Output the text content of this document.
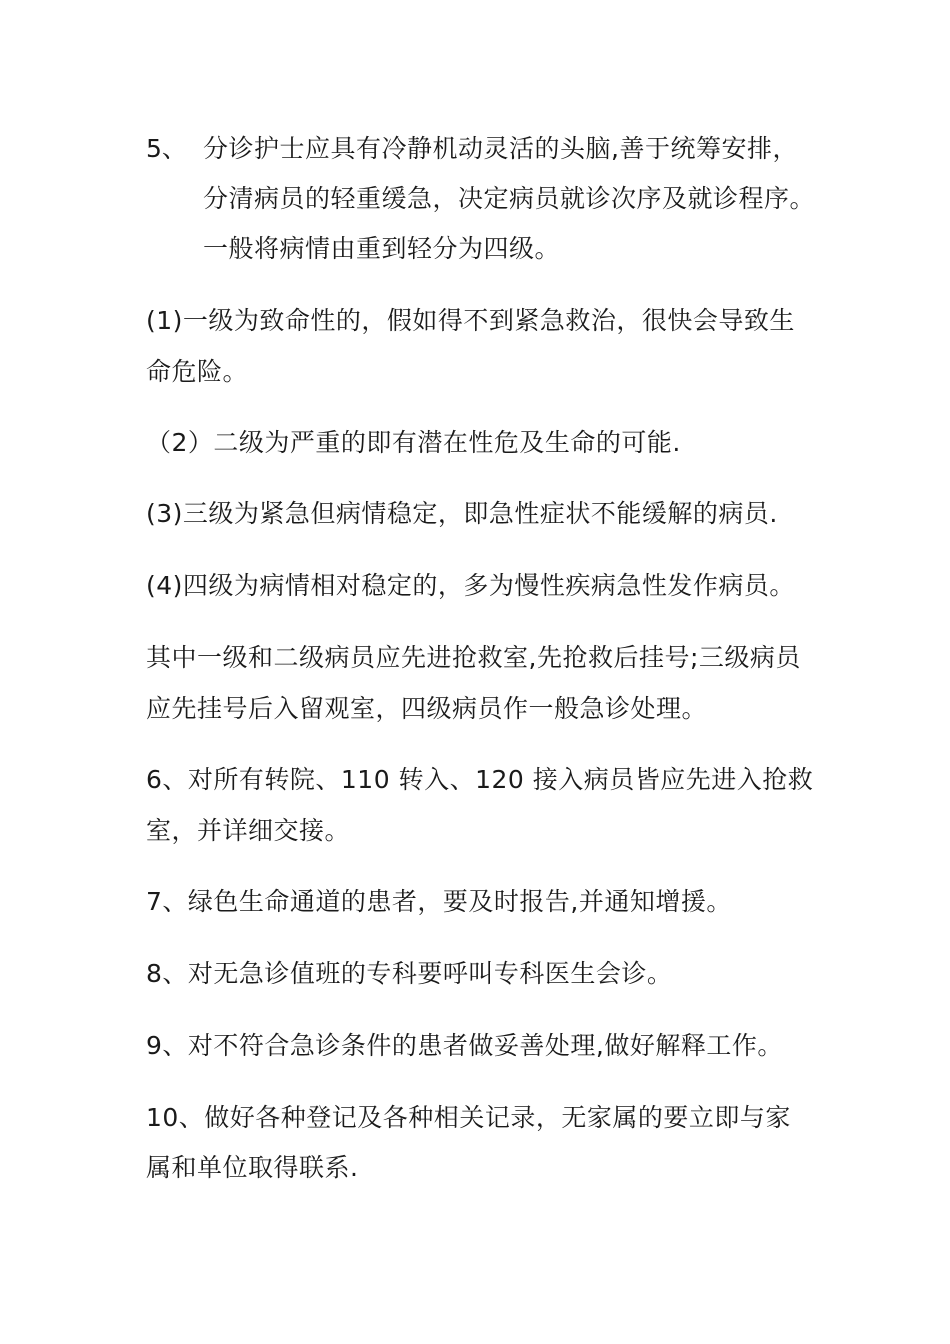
5、 分诊护士应具有冷静机动灵活的头脑,善于统筹安排，
分清病员的轻重缓急，决定病员就诊次序及就诊程序。
一般将病情由重到轻分为四级。
(1)一级为致命性的，假如得不到紧急救治，很快会导致生
命危险。
（2）二级为严重的即有潜在性危及生命的可能.
(3)三级为紧急但病情稳定，即急性症状不能缓解的病员.
(4)四级为病情相对稳定的，多为慢性疾病急性发作病员。
其中一级和二级病员应先进抢救室,先抢救后挂号;三级病员
应先挂号后入留观室，四级病员作一般急诊处理。
6、对所有转院、110 转入、120 接入病员皆应先进入抢救
室，并详细交接。
7、绿色生命通道的患者，要及时报告,并通知增援。
8、对无急诊值班的专科要呼叫专科医生会诊。
9、对不符合急诊条件的患者做妥善处理,做好解释工作。
10、做好各种登记及各种相关记录，无家属的要立即与家
属和单位取得联系.
